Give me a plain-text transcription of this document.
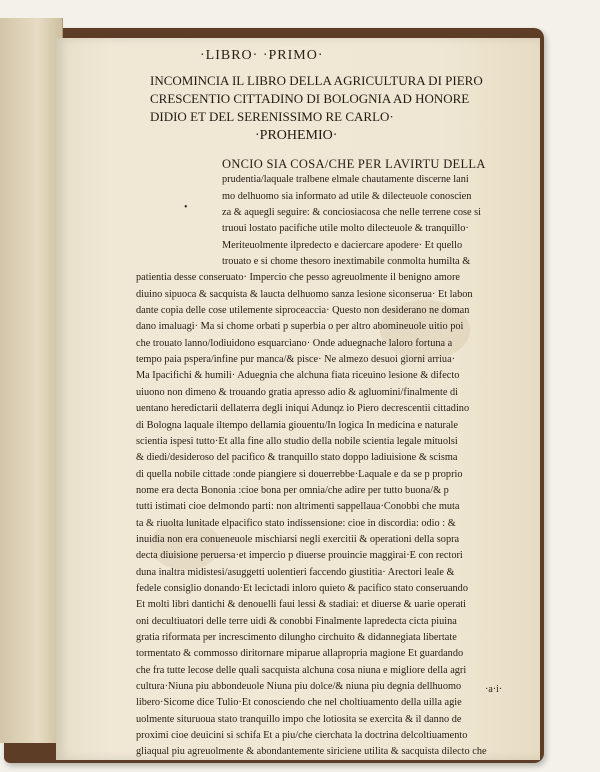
·LIBRO· ·PRIMO·
INCOMINCIA IL LIBRO DELLA AGRICULTURA DI PIERO
CRESCENTIO CITTADINO DI BOLOGNIA AD HONORE
DIDIO ET DEL SERENISSIMO RE CARLO·
·PROHEMIO·
•
ONCIO SIA COSA/CHE PER LAVIRTU DELLA
prudentia/laquale tralbene elmale chautamente discerne lani
mo delhuomo sia informato ad utile & dilecteuole conoscien
za & aquegli seguire: & conciosiacosa che nelle terrene cose si
truoui lostato pacifiche utile molto dilecteuole & tranquillo·
Meriteuolmente ilpredecto e daciercare apodere· Et quello
trouato e si chome thesoro inextimabile conmolta humilta &
patientia desse conseruato· Impercio che pesso agreuolmente il benigno amore
diuino sipuoca & sacquista & laucta delhuomo sanza lesione siconserua· Et labon
dante copia delle cose utilemente siproceaccia· Questo non desiderano ne doman
dano imaluagi· Ma si chome orbati p superbia o per altro abomineuole uitio poi
che trouato lanno/lodiuidono esquarciano· Onde aduegnache laloro fortuna a
tempo paia pspera/infine pur manca/& pisce· Ne almezo desuoi giorni arriua·
Ma Ipacifichi & humili· Aduegnia che alchuna fiata riceuino lesione & difecto
uiuono non dimeno & trouando gratia apresso adio & agluomini/finalmente di
uentano heredictarii dellaterra degli iniqui Adunqz io Piero decrescentii cittadino
di Bologna laquale iltempo dellamia giouentu/In logica In medicina e naturale
scientia ispesi tutto·Et alla fine allo studio della nobile scientia legale mituolsi
& diedi/desideroso del pacifico & tranquillo stato doppo ladiuisione & scisma
di quella nobile cittade :onde piangiere si douerrebbe·Laquale e da se p proprio
nome era decta Bononia :cioe bona per omnia/che adire per tutto buona/& p
tutti istimati cioe delmondo parti: non altrimenti sappellaua·Conobbi che muta
ta & riuolta lunitade elpacifico stato indissensione: cioe in discordia: odio : &
inuidia non era conueneuole mischiarsi negli exercitii & operationi della sopra
decta diuisione peruersa·et impercio p diuerse prouincie maggirai·E con rectori
duna inaltra midistesi/asuggetti uolentieri faccendo giustitia· Arectori leale &
fedele consiglio donando·Et lecictadi inloro quieto & pacifico stato conseruando
Et molti libri dantichi & denouelli faui lessi & stadiai: et diuerse & uarie operati
oni decultiuatori delle terre uidi & conobbi Finalmente lapredecta cicta piuina
gratia riformata per increscimento dilungho circhuito & didannegiata libertate
tormentato & commosso diritornare miparue allapropria magione Et guardando
che fra tutte lecose delle quali sacquista alchuna cosa niuna e migliore della agri
cultura·Niuna piu abbondeuole Niuna piu dolce/& niuna piu degnia dellhuomo
libero·Sicome dice Tulio·Et conosciendo che nel choltiuamento della uilla agie
uolmente situruoua stato tranquillo impo che lotiosita se exercita & il danno de
proximi cioe deuicini si schifa Et a piu/che cierchata la doctrina delcoltiuamento
gliaqual piu agreuolmente & abondantemente siriciene utilita & sacquista dilecto che
·a·i·
